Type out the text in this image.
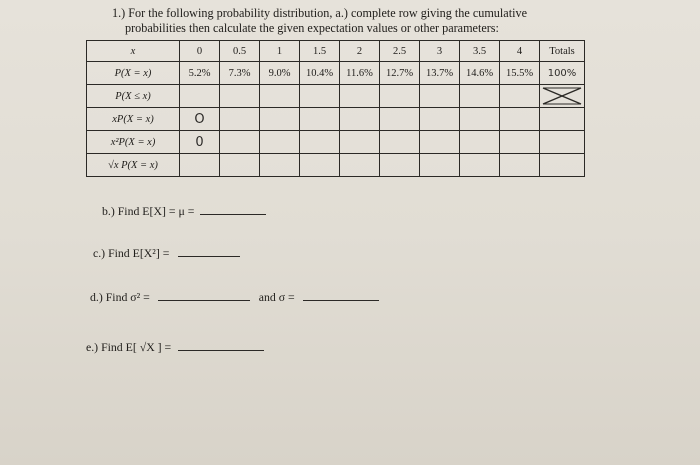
1.) For the following probability distribution, a.) complete row giving the cumulative
probabilities then calculate the given expectation values or other parameters:
x	0	0.5	1	1.5	2	2.5	3	3.5	4	Totals
P(X = x)	5.2%	7.3%	9.0%	10.4%	11.6%	12.7%	13.7%	14.6%	15.5%	100%
P(X ≤ x)										

xP(X = x)	O									
x²P(X = x)	0									
√x P(X = x)										
b.) Find E[X] = μ =
c.) Find E[X²] =
d.) Find σ² =	and σ =
e.) Find E[ √X ] =
